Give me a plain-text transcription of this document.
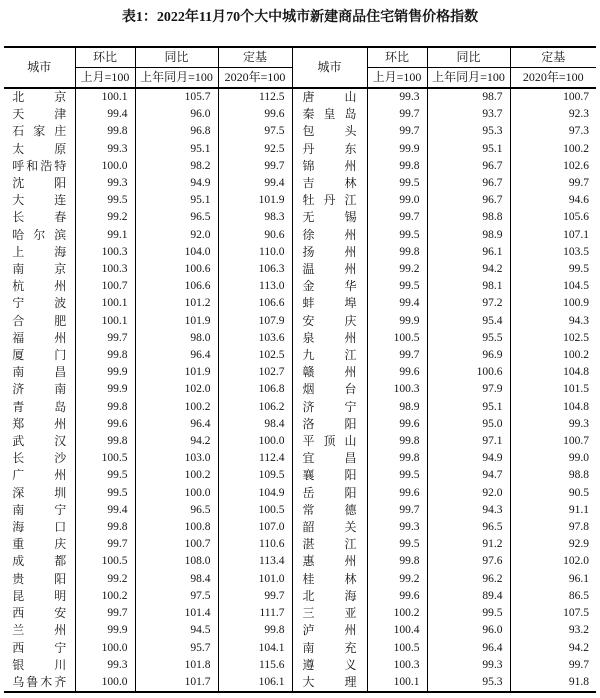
表1：2022年11月70个大中城市新建商品住宅销售价格指数
城市	环比	同比	定基	城市	环比	同比	定基
	上月=100	上年同月=100	2020年=100		上月=100	上年同月=100	2020年=100

北京	100.1	105.7	112.5	唐山	99.3	98.7	100.7

天津	99.4	96.0	99.6	秦皇岛	99.7	93.7	92.3

石家庄	99.8	96.8	97.5	包头	99.7	95.3	97.3

太原	99.3	95.1	92.5	丹东	99.9	95.1	100.2

呼和浩特	100.0	98.2	99.7	锦州	99.8	96.7	102.6

沈阳	99.3	94.9	99.4	吉林	99.5	96.7	99.7

大连	99.5	95.1	101.9	牡丹江	99.0	96.7	94.6

长春	99.2	96.5	98.3	无锡	99.7	98.8	105.6

哈尔滨	99.1	92.0	90.6	徐州	99.5	98.9	107.1

上海	100.3	104.0	110.0	扬州	99.8	96.1	103.5

南京	100.3	100.6	106.3	温州	99.2	94.2	99.5

杭州	100.7	106.6	113.0	金华	99.5	98.1	104.5

宁波	100.1	101.2	106.6	蚌埠	99.4	97.2	100.9

合肥	100.1	101.9	107.9	安庆	99.9	95.4	94.3

福州	99.7	98.0	103.6	泉州	100.5	95.5	102.5

厦门	99.8	96.4	102.5	九江	99.7	96.9	100.2

南昌	99.9	101.9	102.7	赣州	99.6	100.6	104.8

济南	99.9	102.0	106.8	烟台	100.3	97.9	101.5

青岛	99.8	100.2	106.2	济宁	98.9	95.1	104.8

郑州	99.6	96.4	98.4	洛阳	99.6	95.0	99.3

武汉	99.8	94.2	100.0	平顶山	99.8	97.1	100.7

长沙	100.5	103.0	112.4	宜昌	99.8	94.9	99.0

广州	99.5	100.2	109.5	襄阳	99.5	94.7	98.8

深圳	99.5	100.0	104.9	岳阳	99.6	92.0	90.5

南宁	99.4	96.5	100.5	常德	99.7	94.3	91.1

海口	99.8	100.8	107.0	韶关	99.3	96.5	97.8

重庆	99.7	100.7	110.6	湛江	99.5	91.2	92.9

成都	100.5	108.0	113.4	惠州	99.8	97.6	102.0

贵阳	99.2	98.4	101.0	桂林	99.2	96.2	96.1

昆明	100.2	97.5	99.7	北海	99.6	89.4	86.5

西安	99.7	101.4	111.7	三亚	100.2	99.5	107.5

兰州	99.9	94.5	99.8	泸州	100.4	96.0	93.2

西宁	100.0	95.7	104.1	南充	100.5	96.4	94.2

银川	99.3	101.8	115.6	遵义	100.3	99.3	99.7

乌鲁木齐	100.0	101.7	106.1	大理	100.1	95.3	91.8
